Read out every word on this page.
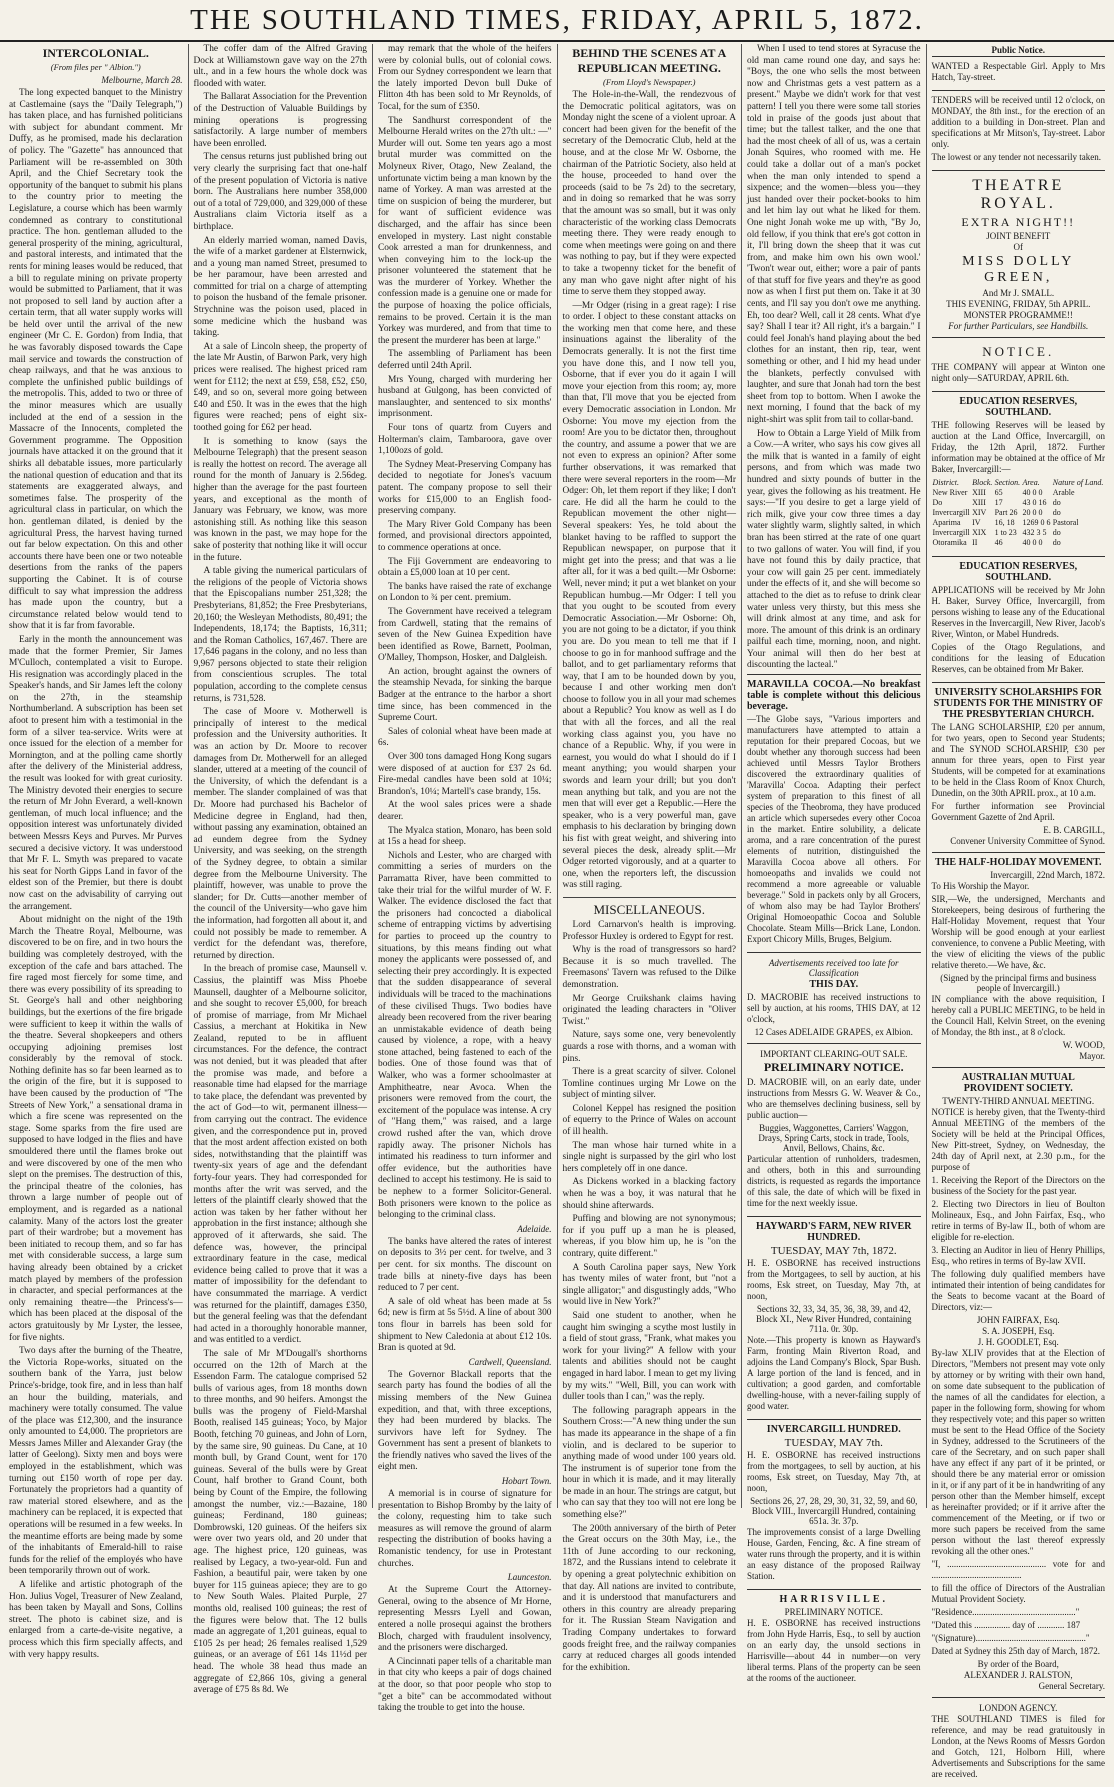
THE SOUTHLAND TIMES, FRIDAY, APRIL 5, 1872.
INTERCOLONIAL.
(From files per " Albion.")
Melbourne, March 28.

The long expected banquet to the Ministry at Castlemaine (says the "Daily Telegraph,") has taken place, and has furnished politicians with subject for abundant comment. Mr Duffy, as he promised, made his declaration of policy. The "Gazette" has announced that Parliament will be re-assembled on 30th April, and the Chief Secretary took the opportunity of the banquet to submit his plans to the country prior to meeting the Legislature, a course which has been warmly condemned as contrary to constitutional practice. The hon. gentleman alluded to the general prosperity of the mining, agricultural, and pastoral interests, and intimated that the rents for mining leases would be reduced, that a bill to regulate mining on private property would be submitted to Parliament, that it was not proposed to sell land by auction after a certain term, that all water supply works will be held over until the arrival of the new engineer (Mr C. E. Gordon) from India, that he was favorably disposed towards the Cape mail service and towards the construction of cheap railways, and that he was anxious to complete the unfinished public buildings of the metropolis. This, added to two or three of the minor measures which are usually included at the end of a session in the Massacre of the Innocents, completed the Government programme. The Opposition journals have attacked it on the ground that it shirks all debatable issues, more particularly the national question of education and that its statements are exaggerated always, and sometimes false. The prosperity of the agricultural class in particular, on which the hon. gentleman dilated, is denied by the agricultural Press, the harvest having turned out far below expectation. On this and other accounts there have been one or two noteable desertions from the ranks of the papers supporting the Cabinet. It is of course difficult to say what impression the address has made upon the country, but a circumstance related below would tend to show that it is far from favorable.

Early in the month the announcement was made that the former Premier, Sir James M'Culloch, contemplated a visit to Europe. His resignation was accordingly placed in the Speaker's hands, and Sir James left the colony on the 27th, in the steamship Northumberland. A subscription has been set afoot to present him with a testimonial in the form of a silver tea-service. Writs were at once issued for the election of a member for Mornington, and at the polling came shortly after the delivery of the Ministerial address, the result was looked for with great curiosity. The Ministry devoted their energies to secure the return of Mr John Everard, a well-known gentleman, of much local influence; and the opposition interest was unfortunately divided between Messrs Keys and Purves. Mr Purves secured a decisive victory. It was understood that Mr F. L. Smyth was prepared to vacate his seat for North Gipps Land in favor of the eldest son of the Premier, but there is doubt now cast on the advisability of carrying out the arrangement.

About midnight on the night of the 19th March the Theatre Royal, Melbourne, was discovered to be on fire, and in two hours the building was completely destroyed, with the exception of the cafe and bars attached. The fire raged most fiercely for some time, and there was every possibility of its spreading to St. George's hall and other neighboring buildings, but the exertions of the fire brigade were sufficient to keep it within the walls of the theatre. Several shopkeepers and others occupying adjoining premises lost considerably by the removal of stock. Nothing definite has so far been learned as to the origin of the fire, but it is supposed to have been caused by the production of "The Streets of New York," a sensational drama in which a fire scene was represented on the stage. Some sparks from the fire used are supposed to have lodged in the flies and have smouldered there until the flames broke out and were discovered by one of the men who slept on the premises. The destruction of this, the principal theatre of the colonies, has thrown a large number of people out of employment, and is regarded as a national calamity. Many of the actors lost the greater part of their wardrobe; but a movement has been initiated to recoup them, and so far has met with considerable success, a large sum having already been obtained by a cricket match played by members of the profession in character, and special performances at the only remaining theatre—the Princess's—which has been placed at the disposal of the actors gratuitously by Mr Lyster, the lessee, for five nights.

Two days after the burning of the Theatre, the Victoria Rope-works, situated on the southern bank of the Yarra, just below Prince's-bridge, took fire, and in less than half an hour the building, materials, and machinery were totally consumed. The value of the place was £12,300, and the insurance only amounted to £4,000. The proprietors are Messrs James Miller and Alexander Gray (the latter of Geelong). Sixty men and boys were employed in the establishment, which was turning out £150 worth of rope per day. Fortunately the proprietors had a quantity of raw material stored elsewhere, and as the machinery can be replaced, it is expected that operations will be resumed in a few weeks. In the meantime efforts are being made by some of the inhabitants of Emerald-hill to raise funds for the relief of the employés who have been temporarily thrown out of work.

A lifelike and artistic photograph of the Hon. Julius Vogel, Treasurer of New Zealand, has been taken by Mayall and Sons, Collins street. The photo is cabinet size, and is enlarged from a carte-de-visite negative, a process which this firm specially affects, and with very happy results.

The coffer dam of the Alfred Graving Dock at Williamstown gave way on the 27th ult., and in a few hours the whole dock was flooded with water.

The Ballarat Association for the Prevention of the Destruction of Valuable Buildings by mining operations is progressing satisfactorily. A large number of members have been enrolled.

The census returns just published bring out very clearly the surprising fact that one-half of the present population of Victoria is native born. The Australians here number 358,000 out of a total of 729,000, and 329,000 of these Australians claim Victoria itself as a birthplace.

An elderly married woman, named Davis, the wife of a market gardener at Elsternwick, and a young man named Street, presumed to be her paramour, have been arrested and committed for trial on a charge of attempting to poison the husband of the female prisoner. Strychnine was the poison used, placed in some medicine which the husband was taking.

At a sale of Lincoln sheep, the property of the late Mr Austin, of Barwon Park, very high prices were realised. The highest priced ram went for £112; the next at £59, £58, £52, £50, £49, and so on, several more going between £40 and £50. It was in the ewes that the high figures were reached; pens of eight six-toothed going for £62 per head.

It is something to know (says the Melbourne Telegraph) that the present season is really the hottest on record. The average all round for the month of January is 2.56deg. higher than the average for the past fourteen years, and exceptional as the month of January was February, we know, was more astonishing still. As nothing like this season was known in the past, we may hope for the sake of posterity that nothing like it will occur in the future.

A table giving the numerical particulars of the religions of the people of Victoria shows that the Episcopalians number 251,328; the Presbyterians, 81,852; the Free Presbyterians, 20,160; the Wesleyan Methodists, 80,491; the Independents, 18,174; the Baptists, 16,311; and the Roman Catholics, 167,467. There are 17,646 pagans in the colony, and no less than 9,967 persons objected to state their religion from conscientious scruples. The total population, according to the complete census returns, is 731,528.

The case of Moore v. Motherwell is principally of interest to the medical profession and the University authorities. It was an action by Dr. Moore to recover damages from Dr. Motherwell for an alleged slander, uttered at a meeting of the council of the University, of which the defendant is a member. The slander complained of was that Dr. Moore had purchased his Bachelor of Medicine degree in England, had then, without passing any examination, obtained an ad eundem degree from the Sydney University, and was seeking, on the strength of the Sydney degree, to obtain a similar degree from the Melbourne University. The plaintiff, however, was unable to prove the slander; for Dr. Cutts—another member of the council of the University—who gave him the information, had forgotten all about it, and could not possibly be made to remember. A verdict for the defendant was, therefore, returned by direction.

In the breach of promise case, Maunsell v. Cassius, the plaintiff was Miss Phoebe Maunsell, daughter of a Melbourne solicitor, and she sought to recover £5,000, for breach of promise of marriage, from Mr Michael Cassius, a merchant at Hokitika in New Zealand, reputed to be in affluent circumstances. For the defence, the contract was not denied, but it was pleaded that after the promise was made, and before a reasonable time had elapsed for the marriage to take place, the defendant was prevented by the act of God—to wit, permanent illness—from carrying out the contract. The evidence given, and the correspondence put in, proved that the most ardent affection existed on both sides, notwithstanding that the plaintiff was twenty-six years of age and the defendant forty-four years. They had corresponded for months after the writ was served, and the letters of the plaintiff clearly showed that the action was taken by her father without her approbation in the first instance; although she approved of it afterwards, she said. The defence was, however, the principal extraordinary feature in the case, medical evidence being called to prove that it was a matter of impossibility for the defendant to have consummated the marriage. A verdict was returned for the plaintiff, damages £350, but the general feeling was that the defendant had acted in a thoroughly honorable manner, and was entitled to a verdict.

The sale of Mr M'Dougall's shorthorns occurred on the 12th of March at the Essendon Farm. The catalogue comprised 52 bulls of various ages, from 18 months down to three months, and 90 heifers. Amongst the bulls was the progeny of Field-Marshal Booth, realised 145 guineas; Yoco, by Major Booth, fetching 70 guineas, and John of Lorn, by the same sire, 90 guineas. Du Cane, at 10 month bull, by Grand Count, went for 170 guineas. Several of the bulls were by Great Count, half brother to Grand Count, both being by Count of the Empire, the following amongst the number, viz.:—Bazaine, 180 guineas; Ferdinand, 180 guineas; Dombrowski, 120 guineas. Of the heifers six were over two years old, and 20 under that age. The highest price, 120 guineas, was realised by Legacy, a two-year-old. Fun and Fashion, a beautiful pair, were taken by one buyer for 115 guineas apiece; they are to go to New South Wales. Plaited Purple, 27 months old, realised 100 guineas; the rest of the figures were below that. The 12 bulls made an aggregate of 1,201 guineas, equal to £105 2s per head; 26 females realised 1,529 guineas, or an average of £61 14s 11½d per head. The whole 38 head thus made an aggregate of £2,866 10s, giving a general average of £75 8s 8d. We

may remark that the whole of the heifers were by colonial bulls, out of colonial cows. From our Sydney correspondent we learn that the lately imported Devon bull Duke of Flitton 4th has been sold to Mr Reynolds, of Tocal, for the sum of £350.

The Sandhurst correspondent of the Melbourne Herald writes on the 27th ult.: —" Murder will out. Some ten years ago a most brutal murder was committed on the Molyneux River, Otago, New Zealand, the unfortunate victim being a man known by the name of Yorkey. A man was arrested at the time on suspicion of being the murderer, but for want of sufficient evidence was discharged, and the affair has since been enveloped in mystery. Last night constable Cook arrested a man for drunkenness, and when conveying him to the lock-up the prisoner volunteered the statement that he was the murderer of Yorkey. Whether the confession made is a genuine one or made for the purpose of hoaxing the police officials, remains to be proved. Certain it is the man Yorkey was murdered, and from that time to the present the murderer has been at large."

The assembling of Parliament has been deferred until 24th April.

Mrs Young, charged with murdering her husband at Gulgong, has been convicted of manslaughter, and sentenced to six months' imprisonment.

Four tons of quartz from Cuyers and Holterman's claim, Tambaroora, gave over 1,100ozs of gold.

The Sydney Meat-Preserving Company has decided to negotiate for Jones's vacuum patent. The company propose to sell their works for £15,000 to an English food-preserving company.

The Mary River Gold Company has been formed, and provisional directors appointed, to commence operations at once.

The Fiji Government are endeavoring to obtain a £5,000 loan at 10 per cent.

The banks have raised the rate of exchange on London to ¾ per cent. premium.

The Government have received a telegram from Cardwell, stating that the remains of seven of the New Guinea Expedition have been identified as Rowe, Barnett, Poolman, O'Malley, Thompson, Hosker, and Dalgleish.

An action, brought against the owners of the steamship Nevada, for sinking the barque Badger at the entrance to the harbor a short time since, has been commenced in the Supreme Court.

Sales of colonial wheat have been made at 6s.

Over 300 tons damaged Hong Kong sugars were disposed of at auction for £37 2s 6d. Fire-medal candles have been sold at 10¼; Brandon's, 10¼; Martell's case brandy, 15s.

At the wool sales prices were a shade dearer.

The Myalca station, Monaro, has been sold at 15s a head for sheep.

Nichols and Lester, who are charged with committing a series of murders on the Parramatta River, have been committed to take their trial for the wilful murder of W. F. Walker. The evidence disclosed the fact that the prisoners had concocted a diabolical scheme of entrapping victims by advertising for parties to proceed up the country to situations, by this means finding out what money the applicants were possessed of, and selecting their prey accordingly. It is expected that the sudden disappearance of several individuals will be traced to the machinations of these civilised Thugs. Two bodies have already been recovered from the river bearing an unmistakable evidence of death being caused by violence, a rope, with a heavy stone attached, being fastened to each of the bodies. One of those found was that of Walker, who was a former schoolmaster at Amphitheatre, near Avoca. When the prisoners were removed from the court, the excitement of the populace was intense. A cry of "Hang them," was raised, and a large crowd rushed after the van, which drove rapidly away. The prisoner Nichols has intimated his readiness to turn informer and offer evidence, but the authorities have declined to accept his testimony. He is said to be nephew to a former Solicitor-General. Both prisoners were known to the police as belonging to the criminal class.

Adelaide.

The banks have altered the rates of interest on deposits to 3½ per cent. for twelve, and 3 per cent. for six months. The discount on trade bills at ninety-five days has been reduced to 7 per cent.

A sale of old wheat has been made at 5s 6d; new is firm at 5s 5½d. A line of about 300 tons flour in barrels has been sold for shipment to New Caledonia at about £12 10s. Bran is quoted at 9d.

Cardwell, Queensland.

The Governor Blackall reports that the search party has found the bodies of all the missing members of the New Guinea expedition, and that, with three exceptions, they had been murdered by blacks. The survivors have left for Sydney. The Government has sent a present of blankets to the friendly natives who saved the lives of the eight men.

Hobart Town.

A memorial is in course of signature for presentation to Bishop Bromby by the laity of the colony, requesting him to take such measures as will remove the ground of alarm respecting the distribution of books having a Romanistic tendency, for use in Protestant churches.

Launceston.

At the Supreme Court the Attorney-General, owing to the absence of Mr Horne, representing Messrs Lyell and Gowan, entered a nolle prosequi against the brothers Bloch, charged with fraudulent insolvency, and the prisoners were discharged.

A Cincinnati paper tells of a charitable man in that city who keeps a pair of dogs chained at the door, so that poor people who stop to "get a bite" can be accommodated without taking the trouble to get into the house.

BEHIND THE SCENES AT A REPUBLICAN MEETING.
(From Lloyd's Newspaper.)

The Hole-in-the-Wall, the rendezvous of the Democratic political agitators, was on Monday night the scene of a violent uproar. A concert had been given for the benefit of the secretary of the Democratic Club, held at the house, and at the close Mr W. Osborne, the chairman of the Patriotic Society, also held at the house, proceeded to hand over the proceeds (said to be 7s 2d) to the secretary, and in doing so remarked that he was sorry that the amount was so small, but it was only characteristic of the working class Democrats meeting there. They were ready enough to come when meetings were going on and there was nothing to pay, but if they were expected to take a twopenny ticket for the benefit of any man who gave night after night of his time to serve them they stopped away.

—Mr Odger (rising in a great rage): I rise to order. I object to these constant attacks on the working men that come here, and these insinuations against the liberality of the Democrats generally. It is not the first time you have done this, and I now tell you, Osborne, that if ever you do it again I will move your ejection from this room; ay, more than that, I'll move that you be ejected from every Democratic association in London. Mr Osborne: You move my ejection from the room! Are you to be dictator then, throughout the country, and assume a power that we are not even to express an opinion? After some further observations, it was remarked that there were several reporters in the room—Mr Odger: Oh, let them report if they like; I don't care. He did all the harm he could to the Republican movement the other night—Several speakers: Yes, he told about the blanket having to be raffled to support the Republican newspaper, on purpose that it might get into the press; and that was a lie after all, for it was a bed quilt.—Mr Osborne: Well, never mind; it put a wet blanket on your Republican humbug.—Mr Odger: I tell you that you ought to be scouted from every Democratic Association.—Mr Osborne: Oh, you are not going to be a dictator, if you think you are. Do you mean to tell me that if I choose to go in for manhood suffrage and the ballot, and to get parliamentary reforms that way, that I am to be hounded down by you, because I and other working men don't choose to follow you in all your mad schemes about a Republic? You know as well as I do that with all the forces, and all the real working class against you, you have no chance of a Republic. Why, if you were in earnest, you would do what I should do if I meant anything; you would sharpen your swords and learn your drill; but you don't mean anything but talk, and you are not the men that will ever get a Republic.—Here the speaker, who is a very powerful man, gave emphasis to his declaration by bringing down his fist with great weight, and shivering into several pieces the desk, already split.—Mr Odger retorted vigorously, and at a quarter to one, when the reporters left, the discussion was still raging.

MISCELLANEOUS.

Lord Carnarvon's health is improving. Professor Huxley is ordered to Egypt for rest.

Why is the road of transgressors so hard? Because it is so much travelled. The Freemasons' Tavern was refused to the Dilke demonstration.

Mr George Cruikshank claims having originated the leading characters in "Oliver Twist."

Nature, says some one, very benevolently guards a rose with thorns, and a woman with pins.

There is a great scarcity of silver. Colonel Tomline continues urging Mr Lowe on the subject of minting silver.

Colonel Keppel has resigned the position of equerry to the Prince of Wales on account of ill health.

The man whose hair turned white in a single night is surpassed by the girl who lost hers completely off in one dance.

As Dickens worked in a blacking factory when he was a boy, it was natural that he should shine afterwards.

Puffing and blowing are not synonymous; for if you puff up a man he is pleased, whereas, if you blow him up, he is "on the contrary, quite different."

A South Carolina paper says, New York has twenty miles of water front, but "not a single alligator;" and disgustingly adds, "Who would live in New York?"

Said one student to another, when he caught him swinging a scythe most lustily in a field of stout grass, "Frank, what makes you work for your living?" A fellow with your talents and abilities should not be caught engaged in hard labor. I mean to get my living by my wits." "Well, Bill, you can work with duller tools than I can," was the reply.

The following paragraph appears in the Southern Cross:—"A new thing under the sun has made its appearance in the shape of a fin violin, and is declared to be superior to anything made of wood under 100 years old. The instrument is of superior tone from the hour in which it is made, and it may literally be made in an hour. The strings are catgut, but who can say that they too will not ere long be something else?"

The 200th anniversary of the birth of Peter the Great occurs on the 30th May, i.e., the 11th of June according to our reckoning, 1872, and the Russians intend to celebrate it by opening a great polytechnic exhibition on that day. All nations are invited to contribute, and it is understood that manufacturers and others in this country are already preparing for it. The Russian Steam Navigation and Trading Company undertakes to forward goods freight free, and the railway companies carry at reduced charges all goods intended for the exhibition.

When I used to tend stores at Syracuse the old man came round one day, and says he: "Boys, the one who sells the most between now and Christmas gets a vest pattern as a present." Maybe we didn't work for that vest pattern! I tell you there were some tall stories told in praise of the goods just about that time; but the tallest talker, and the one that had the most cheek of all of us, was a certain Jonah Squires, who roomed with me. He could take a dollar out of a man's pocket when the man only intended to spend a sixpence; and the women—bless you—they just handed over their pocket-books to him and let him lay out what he liked for them. One night Jonah woke me up with, "By Jo, old fellow, if you think that ere's got cotton in it, I'll bring down the sheep that it was cut from, and make him own his own wool.' 'Twon't wear out, either; wore a pair of pants of that stuff for five years and they're as good now as when I first put them on. Take it at 30 cents, and I'll say you don't owe me anything. Eh, too dear? Well, call it 28 cents. What d'ye say? Shall I tear it? All right, it's a bargain." I could feel Jonah's hand playing about the bed clothes for an instant, then rip, tear, went something or other, and I hid my head under the blankets, perfectly convulsed with laughter, and sure that Jonah had torn the best sheet from top to bottom. When I awoke the next morning, I found that the back of my night-shirt was split from tail to collar-band.

How to Obtain a Large Yield of Milk from a Cow.—A writer, who says his cow gives all the milk that is wanted in a family of eight persons, and from which was made two hundred and sixty pounds of butter in the year, gives the following as his treatment. He says:—"If you desire to get a large yield of rich milk, give your cow three times a day water slightly warm, slightly salted, in which bran has been stirred at the rate of one quart to two gallons of water. You will find, if you have not found this by daily practice, that your cow will gain 25 per cent. immediately under the effects of it, and she will become so attached to the diet as to refuse to drink clear water unless very thirsty, but this mess she will drink almost at any time, and ask for more. The amount of this drink is an ordinary pailful each time, morning, noon, and night. Your animal will then do her best at discounting the lacteal."

MARAVILLA COCOA.—No breakfast table is complete without this delicious beverage.
—The Globe says, "Various importers and manufacturers have attempted to attain a reputation for their prepared Cocoas, but we doubt whether any thorough success had been achieved until Messrs Taylor Brothers discovered the extraordinary qualities of 'Maravilla' Cocoa. Adapting their perfect system of preparation to this finest of all species of the Theobroma, they have produced an article which supersedes every other Cocoa in the market. Entire solubility, a delicate aroma, and a rare concentration of the purest elements of nutrition, distinguished the Maravilla Cocoa above all others. For homoeopaths and invalids we could not recommend a more agreeable or valuable beverage." Sold in packets only by all Grocers, of whom also may be had Taylor Brothers' Original Homoeopathic Cocoa and Soluble Chocolate. Steam Mills—Brick Lane, London. Export Chicory Mills, Bruges, Belgium.
Advertisements received too late for Classification
THIS DAY.
D. MACROBIE has received instructions to sell by auction, at his rooms, THIS DAY, at 12 o'clock,
12 Cases ADELAIDE GRAPES, ex Albion.
IMPORTANT CLEARING-OUT SALE.
PRELIMINARY NOTICE.
D. MACROBIE will, on an early date, under instructions from Messrs G. W. Weaver & Co., who are themselves declining business, sell by public auction—
Buggies, Waggonettes, Carriers' Waggon, Drays, Spring Carts, stock in trade, Tools, Anvil, Bellows, Chains, &c.
Particular attention of runholders, tradesmen, and others, both in this and surrounding districts, is requested as regards the importance of this sale, the date of which will be fixed in time for the next weekly issue.
HAYWARD'S FARM, NEW RIVER HUNDRED.
TUESDAY, MAY 7th, 1872.
H. E. OSBORNE has received instructions from the Mortgagees, to sell by auction, at his rooms, Esk street, on Tuesday, May 7th, at noon,
Sections 32, 33, 34, 35, 36, 38, 39, and 42, Block XI., New River Hundred, containing 711a. 0r. 30p.
Note.—This property is known as Hayward's Farm, fronting Main Riverton Road, and adjoins the Land Company's Block, Spar Bush. A large portion of the land is fenced, and in cultivation; a good garden, and comfortable dwelling-house, with a never-failing supply of good water.
INVERCARGILL HUNDRED.
TUESDAY, MAY 7th.
H. E. OSBORNE has received instructions from the mortgagees, to sell by auction, at his rooms, Esk street, on Tuesday, May 7th, at noon,
Sections 26, 27, 28, 29, 30, 31, 32, 59, and 60, Block VIII., Invercargill Hundred, containing 651a. 3r. 37p.
The improvements consist of a large Dwelling House, Garden, Fencing, &c. A fine stream of water runs through the property, and it is within an easy distance of the proposed Railway Station.
HARRISVILLE.
PRELIMINARY NOTICE.
H. E. OSBORNE has received instructions from John Hyde Harris, Esq., to sell by auction on an early day, the unsold sections in Harrisville—about 44 in number—on very liberal terms. Plans of the property can be seen at the rooms of the auctioneer.
Public Notice.
WANTED a Respectable Girl. Apply to Mrs Hatch, Tay-street.
TENDERS will be received until 12 o'clock, on MONDAY, the 8th inst., for the erection of an addition to a building in Don-street. Plan and specifications at Mr Mitson's, Tay-street. Labor only.
The lowest or any tender not necessarily taken.
THEATRE ROYAL.
EXTRA NIGHT!!
JOINT BENEFIT
Of
MISS DOLLY GREEN,
And Mr J. SMALL.
THIS EVENING, FRIDAY, 5th APRIL.
MONSTER PROGRAMME!!
For further Particulars, see Handbills.
NOTICE.
THE COMPANY will appear at Winton one night only—SATURDAY, APRIL 6th.
EDUCATION RESERVES, SOUTHLAND.
THE following Reserves will be leased by auction at the Land Office, Invercargill, on Friday, the 12th April, 1872. Further information may be obtained at the office of Mr Baker, Invercargill:—
District.	Block.	Section.	Area.	Nature of Land.
New River	XIII	65	40 0 0	Arable
Do	XIII	17	43 0 16	do
Invercargill	XIV	Part 26	20 0 0	do
Aparima	IV	16, 18	1269 0 6	Pastoral
Invercargill	XIX	1 to 23	432 3 5	do
Otoramika	II	46	40 0 0	do
EDUCATION RESERVES, SOUTHLAND.
APPLICATIONS will be received by Mr John H. Baker, Survey Office, Invercargill, from persons wishing to lease any of the Educational Reserves in the Invercargill, New River, Jacob's River, Winton, or Mabel Hundreds.
Copies of the Otago Regulations, and conditions for the leasing of Education Reserves, can be obtained from Mr Baker.
UNIVERSITY SCHOLARSHIPS FOR STUDENTS FOR THE MINISTRY OF THE PRESBYTERIAN CHURCH.
The LANG SCHOLARSHIP, £20 per annum, for two years, open to Second year Students; and The SYNOD SCHOLARSHIP, £30 per annum for three years, open to First year Students, will be competed for at examinations to be held in the Class Room of Knox Church, Dunedin, on the 30th APRIL prox., at 10 a.m.
For further information see Provincial Government Gazette of 2nd April.
E. B. CARGILL,
Convener University Committee of Synod.
THE HALF-HOLIDAY MOVEMENT.
Invercargill, 22nd March, 1872.
To His Worship the Mayor.
SIR,—We, the undersigned, Merchants and Storekeepers, being desirous of furthering the Half-Holiday Movement, request that Your Worship will be good enough at your earliest convenience, to convene a Public Meeting, with the view of eliciting the views of the public relative thereto.—We have, &c.
(Signed by the principal firms and business people of Invercargill.)
IN compliance with the above requisition, I hereby call a PUBLIC MEETING, to be held in the Council Hall, Kelvin Street, on the evening of Monday, the 8th inst., at 8 o'clock.
W. WOOD,
Mayor.
AUSTRALIAN MUTUAL PROVIDENT SOCIETY.
TWENTY-THIRD ANNUAL MEETING.
NOTICE is hereby given, that the Twenty-third Annual MEETING of the members of the Society will be held at the Principal Offices, New Pitt-street, Sydney, on Wednesday, the 24th day of April next, at 2.30 p.m., for the purpose of
1. Receiving the Report of the Directors on the business of the Society for the past year.
2. Electing two Directors in lieu of Boulton Molineaux, Esq., and John Fairfax, Esq., who retire in terms of By-law II., both of whom are eligible for re-election.
3. Electing an Auditor in lieu of Henry Phillips, Esq., who retires in terms of By-law XVII.
The following duly qualified members have intimated their intention of being candidates for the Seats to become vacant at the Board of Directors, viz:—
JOHN FAIRFAX, Esq.
S. A. JOSEPH, Esq.
J. H. GOODLET, Esq.
By-law XLIV provides that at the Election of Directors, "Members not present may vote only by attorney or by writing with their own hand, on some date subsequent to the publication of the names of all the candidates for election, a paper in the following form, showing for whom they respectively vote; and this paper so written must be sent to the Head Office of the Society in Sydney, addressed to the Scrutineers of the care of the Secretary, and on such paper shall have any effect if any part of it be printed, or should there be any material error or omission in it, or if any part of it be in handwriting of any person other than the Member himself, except as hereinafter provided; or if it arrive after the commencement of the Meeting, or if two or more such papers be received from the same person without the last thereof expressly revoking all the other ones."
"I, ............................................ vote for and ........................................
to fill the office of Directors of the Australian Mutual Provident Society.
"Residence.............................................."
"Dated this ................ day of ............ 187
"(Signature)................................................."
Dated at Sydney this 25th day of March, 1872.
By order of the Board,
ALEXANDER J. RALSTON,
General Secretary.
LONDON AGENCY.
THE SOUTHLAND TIMES is filed for reference, and may be read gratuitously in London, at the News Rooms of Messrs Gordon and Gotch, 121, Holborn Hill, where Advertisements and Subscriptions for the same are received.
